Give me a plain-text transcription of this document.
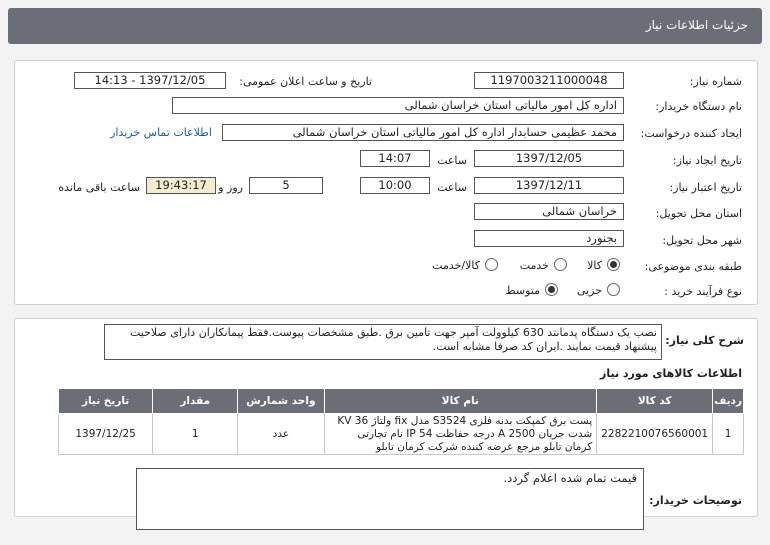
جزئیات اطلاعات نیاز
شماره نیاز:
1197003211000048
تاریخ و ساعت اعلان عمومی:
1397/12/05 - 14:13
نام دستگاه خریدار:
اداره کل امور مالیاتی استان خراسان شمالی
ایجاد کننده درخواست:
محمد عظیمی حسابدار اداره کل امور مالیاتی استان خراسان شمالی
اطلاعات تماس خریدار
تاریخ ایجاد نیاز:
1397/12/05
ساعت
14:07
تاریخ اعتبار نیاز:
1397/12/11
ساعت
10:00
5
روز و
19:43:17
ساعت باقی مانده
استان محل تحویل:
خراسان شمالی
شهر محل تحویل:
بجنورد
طبقه بندی موضوعی:
کالا
خدمت
کالا/خدمت
نوع فرآیند خرید :
جزیی
متوسط
شرح کلی نیاز:
نصب یک دستگاه پدمانتد 630 کیلوولت آمپر جهت تامین برق .طبق مشخصات پیوست.فقط پیمانکاران دارای صلاحیت پیشنهاد قیمت نمایند .ایران کد صرفا مشابه است.
اطلاعات کالاهای مورد نیاز
ردیف	کد کالا	نام کالا	واحد شمارش	مقدار	تاریخ نیاز
1	2282210076560001	پست برق کمپکت بدنه فلزی S3524 مدل fix ولتاژ KV 36 شدت جریان A 2500 درجه حفاظت IP 54 نام تجارتی کرمان تابلو مرجع عرضه کننده شرکت کرمان تابلو	عدد	1	1397/12/25
توضیحات خریدار:
قیمت تمام شده اعلام گردد.
